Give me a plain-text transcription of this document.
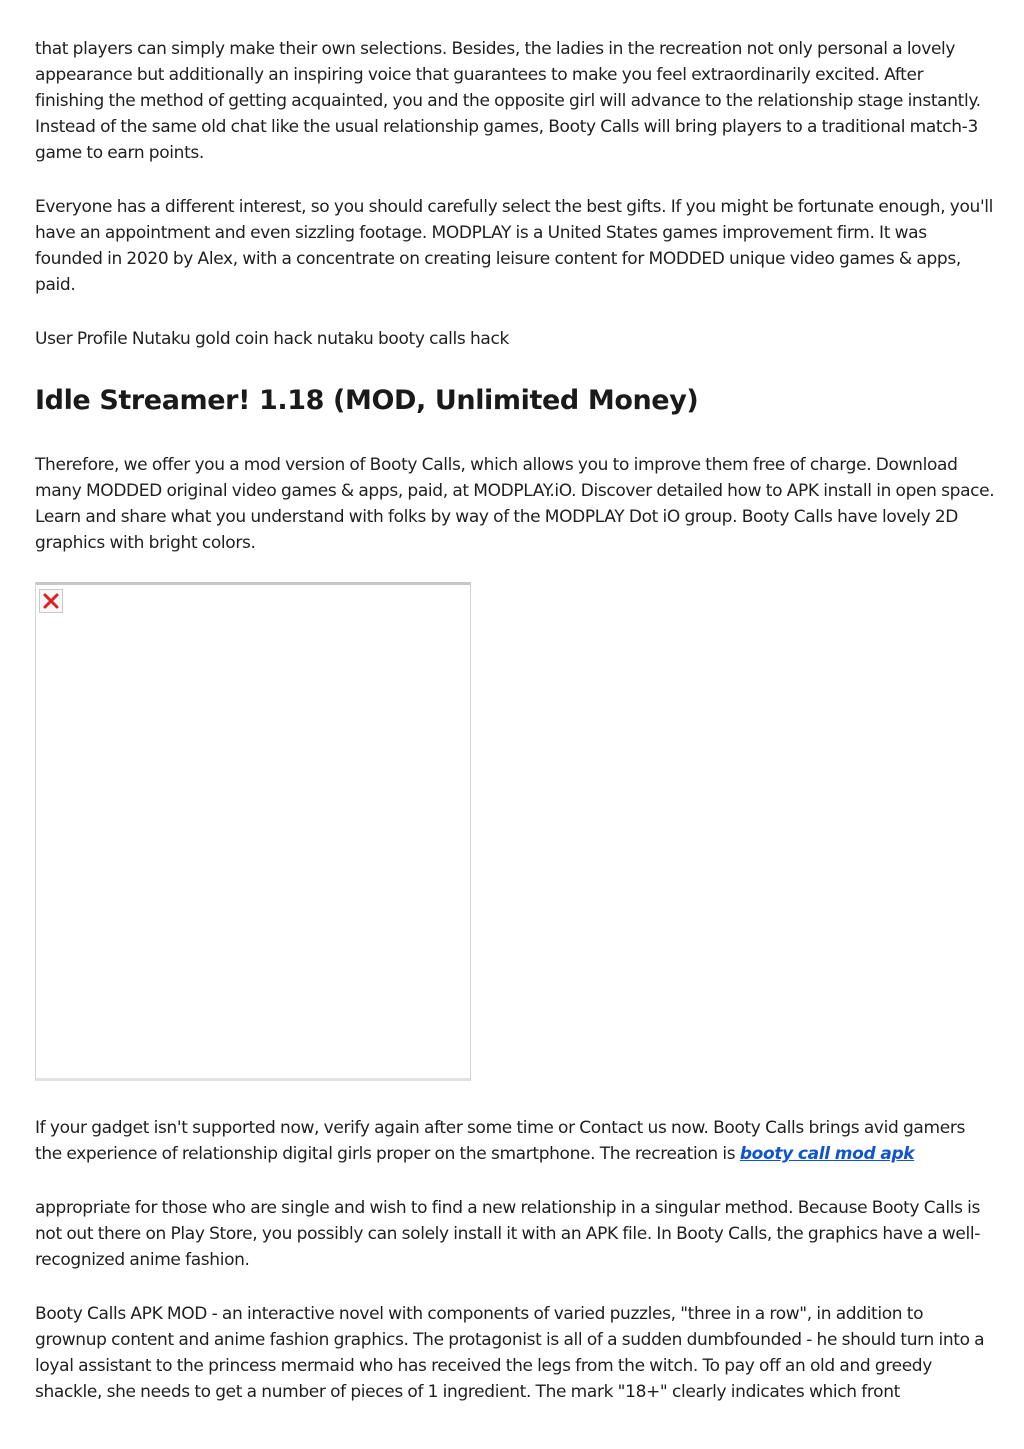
that players can simply make their own selections. Besides, the ladies in the recreation not only personal a lovely appearance but additionally an inspiring voice that guarantees to make you feel extraordinarily excited. After finishing the method of getting acquainted, you and the opposite girl will advance to the relationship stage instantly. Instead of the same old chat like the usual relationship games, Booty Calls will bring players to a traditional match-3 game to earn points.

Everyone has a different interest, so you should carefully select the best gifts. If you might be fortunate enough, you'll have an appointment and even sizzling footage. MODPLAY is a United States games improvement firm. It was founded in 2020 by Alex, with a concentrate on creating leisure content for MODDED unique video games & apps, paid.

User Profile Nutaku gold coin hack nutaku booty calls hack

Idle Streamer! 1.18 (MOD, Unlimited Money)

Therefore, we offer you a mod version of Booty Calls, which allows you to improve them free of charge. Download many MODDED original video games & apps, paid, at MODPLAY.iO. Discover detailed how to APK install in open space. Learn and share what you understand with folks by way of the MODPLAY Dot iO group. Booty Calls have lovely 2D graphics with bright colors.

If your gadget isn't supported now, verify again after some time or Contact us now. Booty Calls brings avid gamers the experience of relationship digital girls proper on the smartphone. The recreation is booty call mod apk

appropriate for those who are single and wish to find a new relationship in a singular method. Because Booty Calls is not out there on Play Store, you possibly can solely install it with an APK file. In Booty Calls, the graphics have a well-recognized anime fashion.

Booty Calls APK MOD - an interactive novel with components of varied puzzles, "three in a row", in addition to grownup content and anime fashion graphics. The protagonist is all of a sudden dumbfounded - he should turn into a loyal assistant to the princess mermaid who has received the legs from the witch. To pay off an old and greedy shackle, she needs to get a number of pieces of 1 ingredient. The mark "18+" clearly indicates which front
